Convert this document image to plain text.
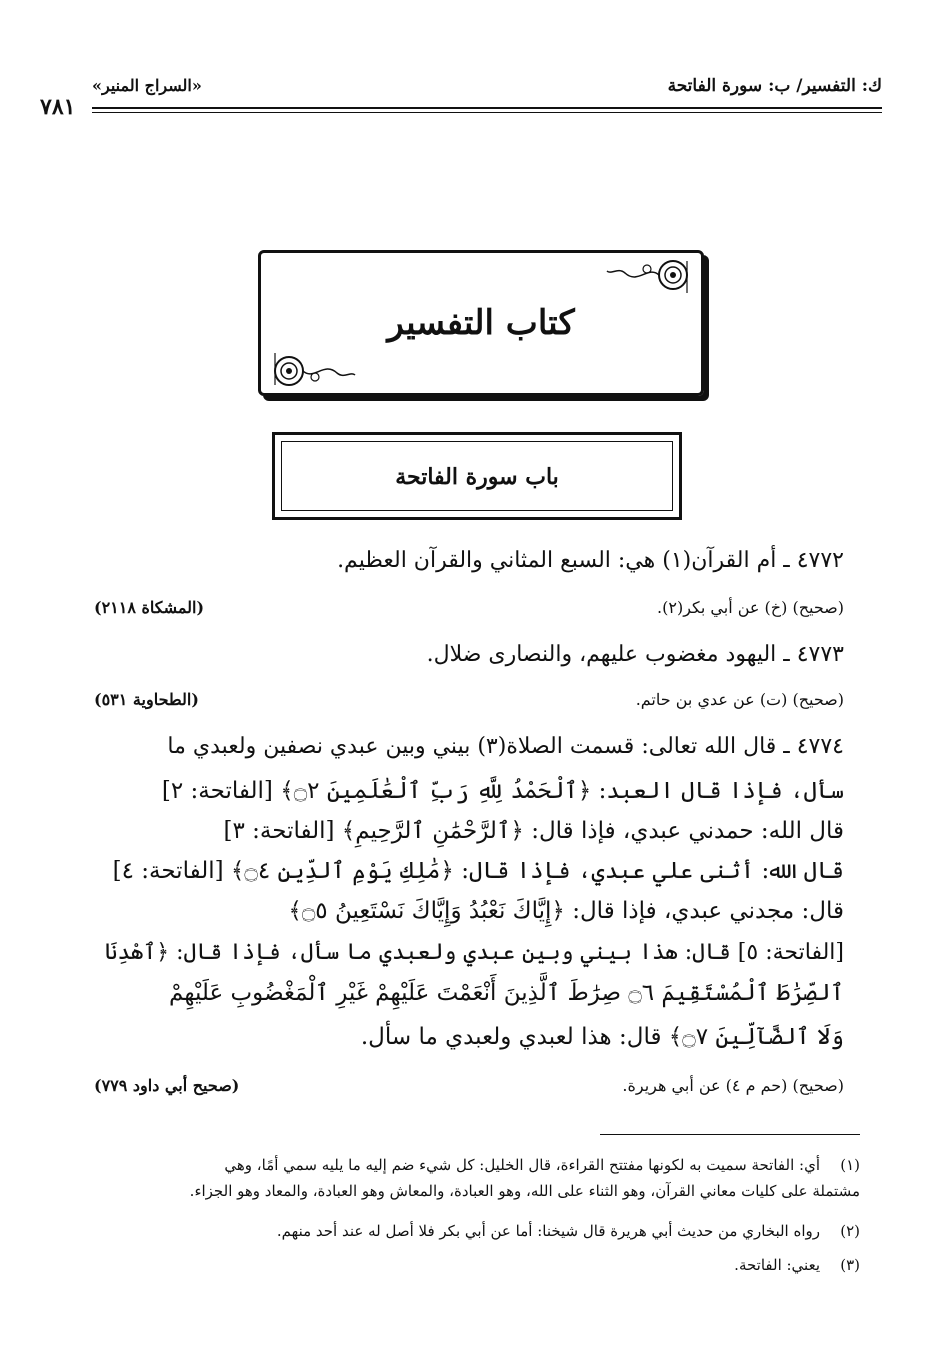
ك: التفسير/ ب: سورة الفاتحة
«السراج المنير»
٧٨١
كتاب التفسير
باب سورة الفاتحة
٤٧٧٢ ـ أم القرآن(١) هي: السبع المثاني والقرآن العظيم.
(صحيح) (خ) عن أبي بكر(٢).
(المشكاة ٢١١٨)
٤٧٧٣ ـ اليهود مغضوب عليهم، والنصارى ضلال.
(صحيح) (ت) عن عدي بن حاتم.
(الطحاوية ٥٣١)
٤٧٧٤ ـ قال الله تعالى: قسمت الصلاة(٣) بيني وبين عبدي نصفين ولعبدي ما
سأل، فإذا قال العبد: ﴿ٱلْحَمْدُ لِلَّهِ رَبِّ ٱلْعَٰلَمِينَ ۝٢﴾ [الفاتحة: ٢]
قال الله: حمدني عبدي، فإذا قال: ﴿ٱلرَّحْمَٰنِ ٱلرَّحِيمِ﴾ [الفاتحة: ٣]
قال الله: أثنى علي عبدي، فإذا قال: ﴿مَٰلِكِ يَوْمِ ٱلدِّينِ ۝٤﴾ [الفاتحة: ٤]
قال: مجدني عبدي، فإذا قال: ﴿إِيَّاكَ نَعْبُدُ وَإِيَّاكَ نَسْتَعِينُ ۝٥﴾
[الفاتحة: ٥] قال: هذا بيني وبين عبدي ولعبدي ما سأل، فإذا قال: ﴿ٱهْدِنَا
ٱلصِّرَٰطَ ٱلْمُسْتَقِيمَ ۝٦ صِرَٰطَ ٱلَّذِينَ أَنْعَمْتَ عَلَيْهِمْ غَيْرِ ٱلْمَغْضُوبِ عَلَيْهِمْ
وَلَا ٱلضَّآلِّينَ ۝٧﴾ قال: هذا لعبدي ولعبدي ما سأل.
(صحيح) (حم م ٤) عن أبي هريرة.
(صحيح أبي داود ٧٧٩)
(١)أي: الفاتحة سميت به لكونها مفتتح القراءة، قال الخليل: كل شيء ضم إليه ما يليه سمي أمًا، وهي
مشتملة على كليات معاني القرآن، وهو الثناء على الله، وهو العبادة، والمعاش وهو العبادة، والمعاد وهو الجزاء.
(٢)رواه البخاري من حديث أبي هريرة قال شيخنا: أما عن أبي بكر فلا أصل له عند أحد منهم.
(٣)يعني: الفاتحة.
